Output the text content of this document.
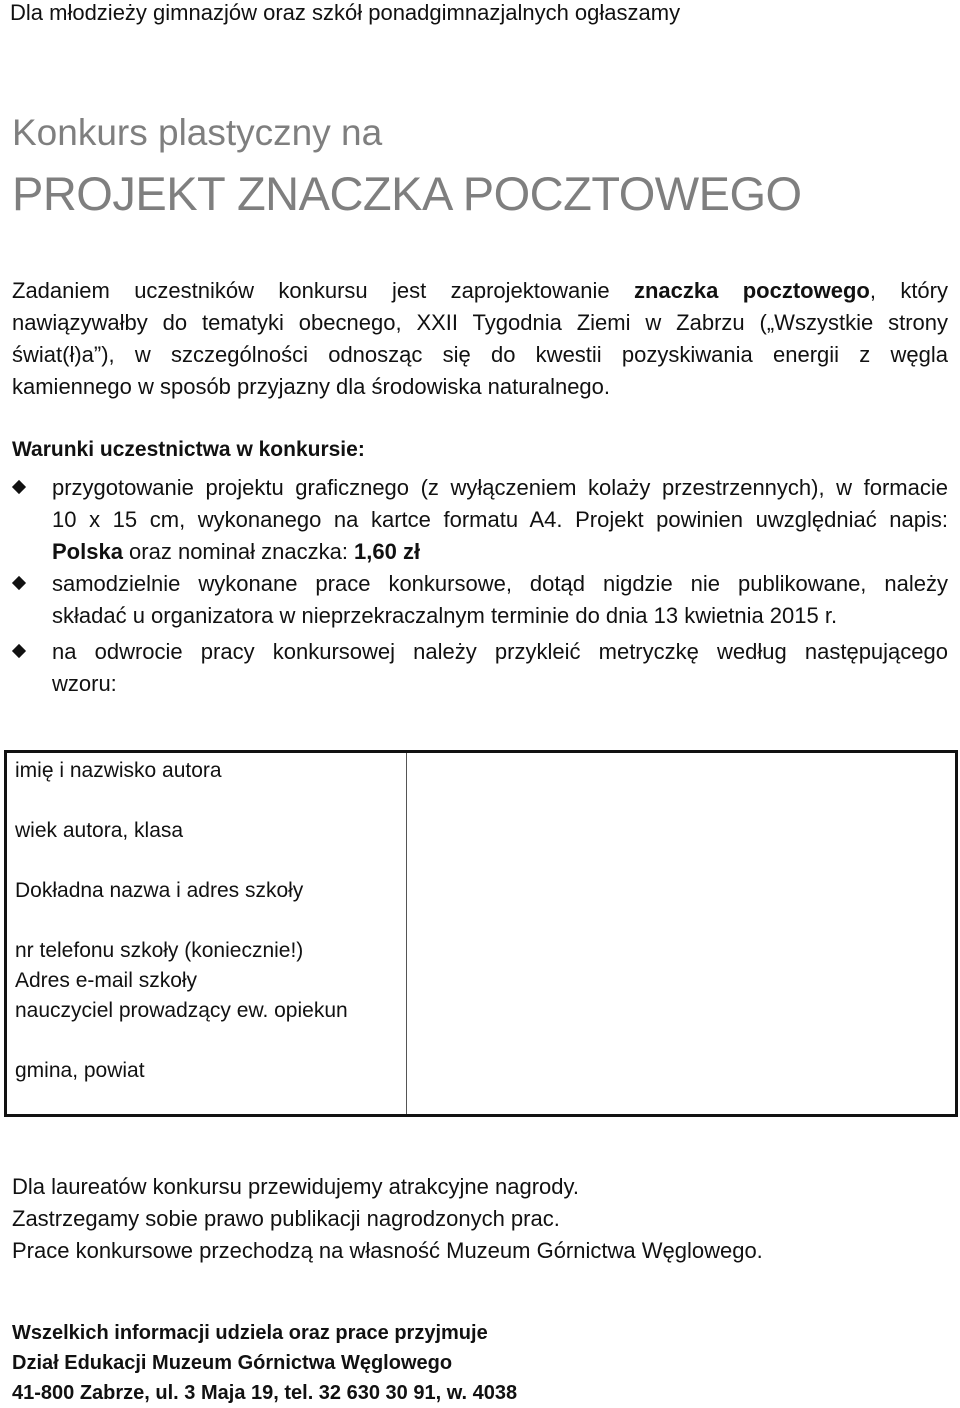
Dla młodzieży gimnazjów oraz szkół ponadgimnazjalnych ogłaszamy
Konkurs plastyczny na
PROJEKT ZNACZKA POCZTOWEGO
Zadaniem uczestników konkursu jest zaprojektowanie znaczka pocztowego, który
nawiązywałby do tematyki obecnego, XXII Tygodnia Ziemi w Zabrzu („Wszystkie strony
świat(ł)a”), w szczególności odnosząc się do kwestii pozyskiwania energii z węgla
kamiennego w sposób przyjazny dla środowiska naturalnego.
Warunki uczestnictwa w konkursie:
przygotowanie projektu graficznego (z wyłączeniem kolaży przestrzennych), w formacie
10 x 15 cm, wykonanego na kartce formatu A4. Projekt powinien uwzględniać napis:
Polska oraz nominał znaczka: 1,60 zł
samodzielnie wykonane prace konkursowe, dotąd nigdzie nie publikowane, należy
składać u organizatora w nieprzekraczalnym terminie do dnia 13 kwietnia 2015 r.
na odwrocie pracy konkursowej należy przykleić metryczkę według następującego
wzoru:
imię i nazwisko autora
wiek autora, klasa
Dokładna nazwa i adres szkoły
nr telefonu szkoły (koniecznie!)
Adres e-mail szkoły
nauczyciel prowadzący ew. opiekun
gmina, powiat
Dla laureatów konkursu przewidujemy atrakcyjne nagrody.
Zastrzegamy sobie prawo publikacji nagrodzonych prac.
Prace konkursowe przechodzą na własność Muzeum Górnictwa Węglowego.
Wszelkich informacji udziela oraz prace przyjmuje
Dział Edukacji Muzeum Górnictwa Węglowego
41-800 Zabrze, ul. 3 Maja 19, tel. 32 630 30 91, w. 4038
